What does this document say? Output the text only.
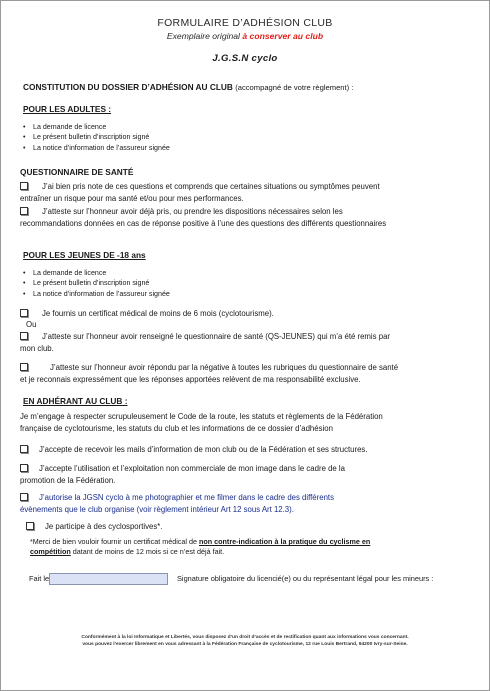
FORMULAIRE D’ADHÉSION CLUB
Exemplaire original à conserver au club
J.G.S.N cyclo
CONSTITUTION DU DOSSIER D’ADHÉSION AU CLUB (accompagné de votre règlement) :
POUR LES ADULTES :
• La demande de licence
• Le présent bulletin d’inscription signé
• La notice d’information de l’assureur signée
QUESTIONNAIRE DE SANTÉ
J’ai bien pris note de ces questions et comprends que certaines situations ou symptômes peuvent
entraîner un risque pour ma santé et/ou pour mes performances.
J’atteste sur l’honneur avoir déjà pris, ou prendre les dispositions nécessaires selon les
recommandations données en cas de réponse positive à l’une des questions des différents questionnaires
POUR LES JEUNES DE -18 ans
• La demande de licence
• Le présent bulletin d’inscription signé
• La notice d’information de l’assureur signée
Je fournis un certificat médical de moins de 6 mois (cyclotourisme).
Ou
J’atteste sur l’honneur avoir renseigné le questionnaire de santé (QS-JEUNES) qui m’a été remis par
mon club.
J’atteste sur l’honneur avoir répondu par la négative à toutes les rubriques du questionnaire de santé
et je reconnais expressément que les réponses apportées relèvent de ma responsabilité exclusive.
EN ADHÉRANT AU CLUB :
Je m’engage à respecter scrupuleusement le Code de la route, les statuts et règlements de la Fédération
française de cyclotourisme, les statuts du club et les informations de ce dossier d’adhésion
J’accepte de recevoir les mails d’information de mon club ou de la Fédération et ses structures.
J’accepte l’utilisation et l’exploitation non commerciale de mon image dans le cadre de la
promotion de la Fédération.
J’autorise la JGSN cyclo à me photographier et me filmer dans le cadre des différents
évènements que le club organise (voir règlement intérieur Art 12 sous Art 12.3).
Je participe à des cyclosportives*.
*Merci de bien vouloir fournir un certificat médical de non contre-indication à la pratique du cyclisme en
compétition datant de moins de 12 mois si ce n’est déjà fait.
Fait le	Signature obligatoire du licencié(e) ou du représentant légal pour les mineurs :
Conformément à la loi Informatique et Libertés, vous disposez d’un droit d’accès et de rectification quant aux informations vous concernant.
vous pouvez l’exercer librement en vous adressant à la Fédération Française de cyclotourisme, 12 rue Louis Bertrand, 94200 Ivry-sur-Seine.
